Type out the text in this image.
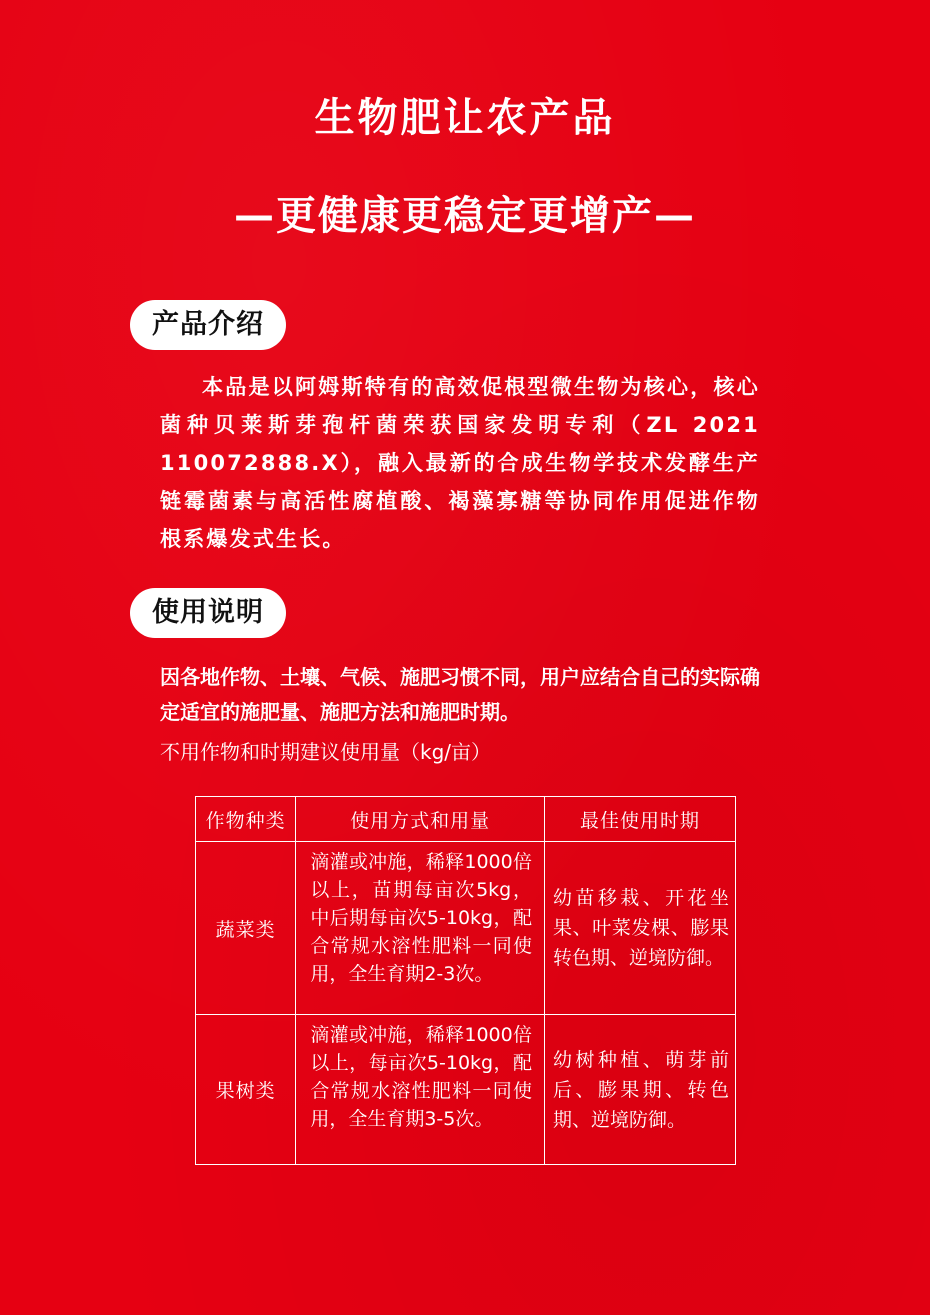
生物肥让农产品
—更健康更稳定更增产—
产品介绍
本品是以阿姆斯特有的高效促根型微生物为核心，核心菌种贝莱斯芽孢杆菌荣获国家发明专利（ZL 2021 110072888.X），融入最新的合成生物学技术发酵生产链霉菌素与高活性腐植酸、褐藻寡糖等协同作用促进作物根系爆发式生长。
使用说明
因各地作物、土壤、气候、施肥习惯不同，用户应结合自己的实际确定适宜的施肥量、施肥方法和施肥时期。
不用作物和时期建议使用量（kg/亩）
作物种类	使用方式和用量	最佳使用时期
蔬菜类	滴灌或冲施，稀释1000倍以上，苗期每亩次5kg，中后期每亩次5-10kg，配合常规水溶性肥料一同使用，全生育期2-3次。	幼苗移栽、开花坐果、叶菜发棵、膨果转色期、逆境防御。
果树类	滴灌或冲施，稀释1000倍以上，每亩次5-10kg，配合常规水溶性肥料一同使用，全生育期3-5次。	幼树种植、萌芽前后、膨果期、转色期、逆境防御。
